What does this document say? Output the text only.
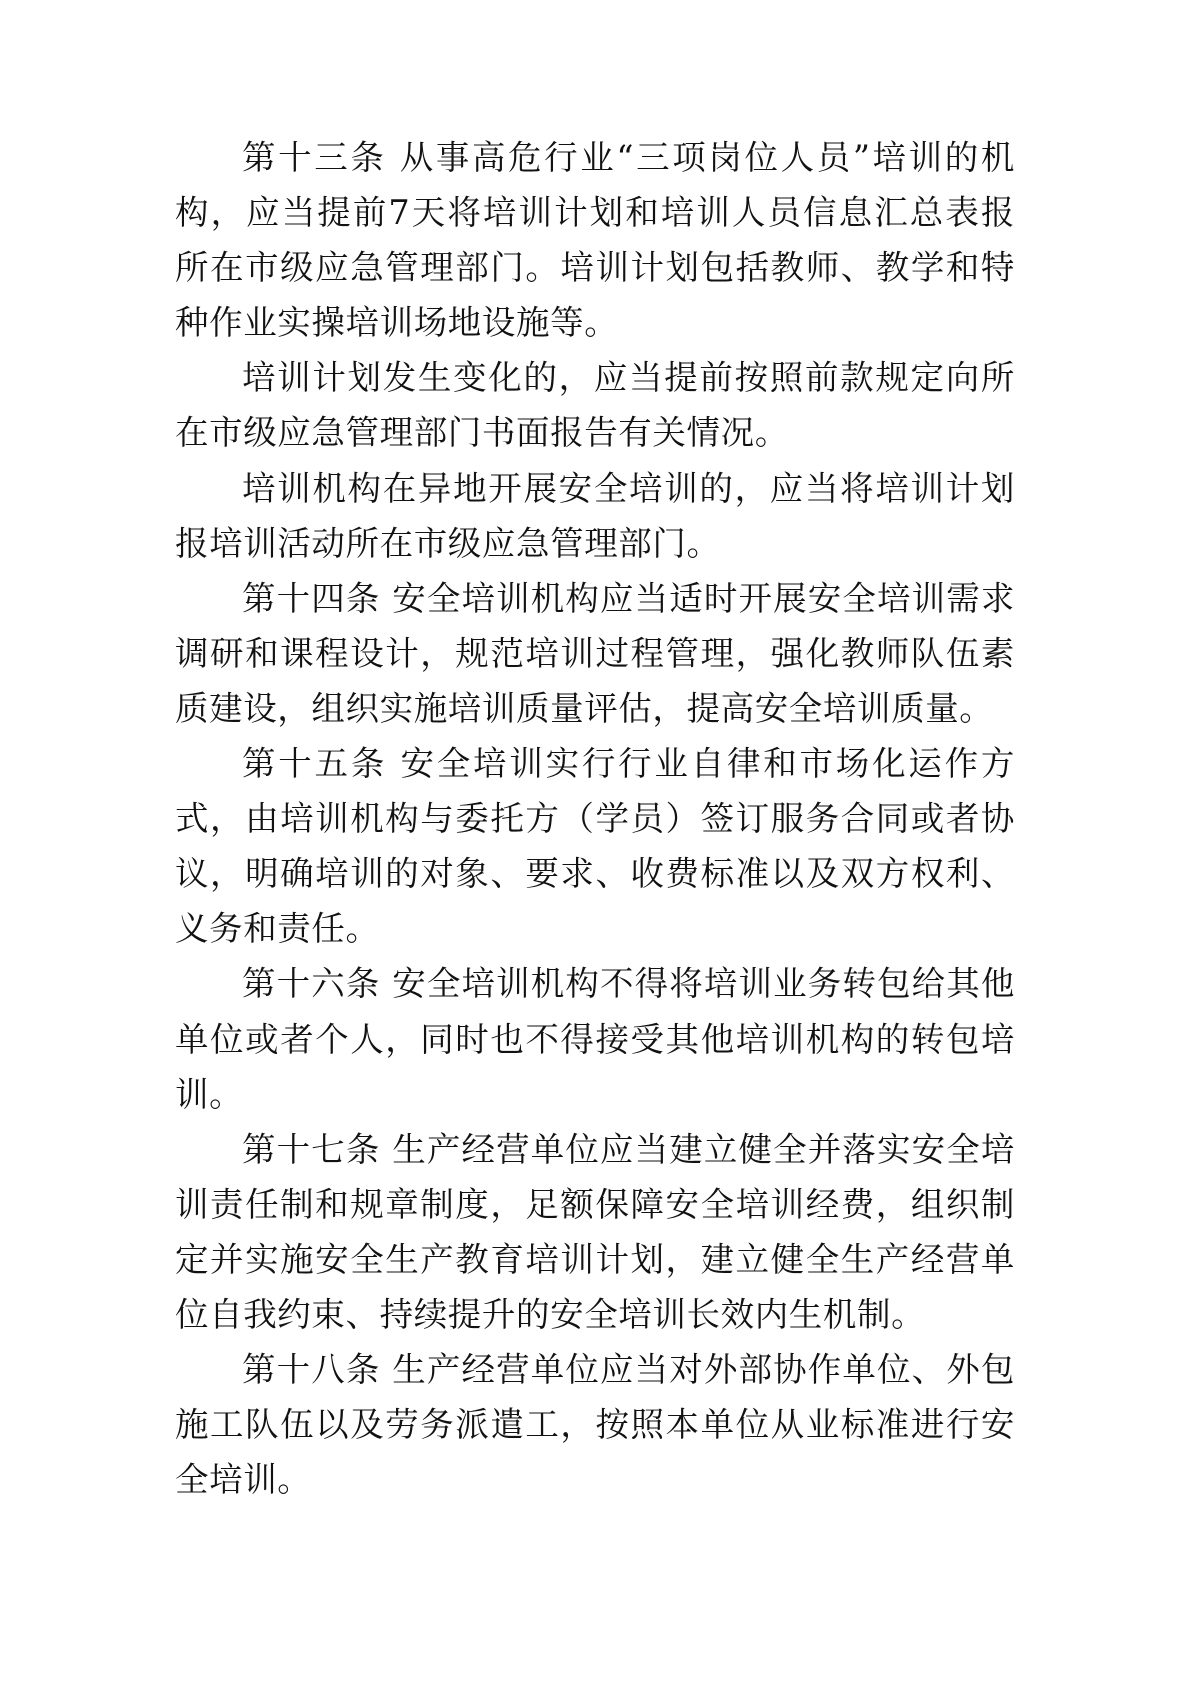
第十三条 从事高危行业“三项岗位人员”培训的机构，应当提前7天将培训计划和培训人员信息汇总表报所在市级应急管理部门。培训计划包括教师、教学和特种作业实操培训场地设施等。

培训计划发生变化的，应当提前按照前款规定向所在市级应急管理部门书面报告有关情况。

培训机构在异地开展安全培训的，应当将培训计划报培训活动所在市级应急管理部门。

第十四条 安全培训机构应当适时开展安全培训需求调研和课程设计，规范培训过程管理，强化教师队伍素质建设，组织实施培训质量评估，提高安全培训质量。

第十五条 安全培训实行行业自律和市场化运作方式，由培训机构与委托方（学员）签订服务合同或者协议，明确培训的对象、要求、收费标准以及双方权利、义务和责任。

第十六条 安全培训机构不得将培训业务转包给其他单位或者个人，同时也不得接受其他培训机构的转包培训。

第十七条 生产经营单位应当建立健全并落实安全培训责任制和规章制度，足额保障安全培训经费，组织制定并实施安全生产教育培训计划，建立健全生产经营单位自我约束、持续提升的安全培训长效内生机制。

第十八条 生产经营单位应当对外部协作单位、外包施工队伍以及劳务派遣工，按照本单位从业标准进行安全培训。
